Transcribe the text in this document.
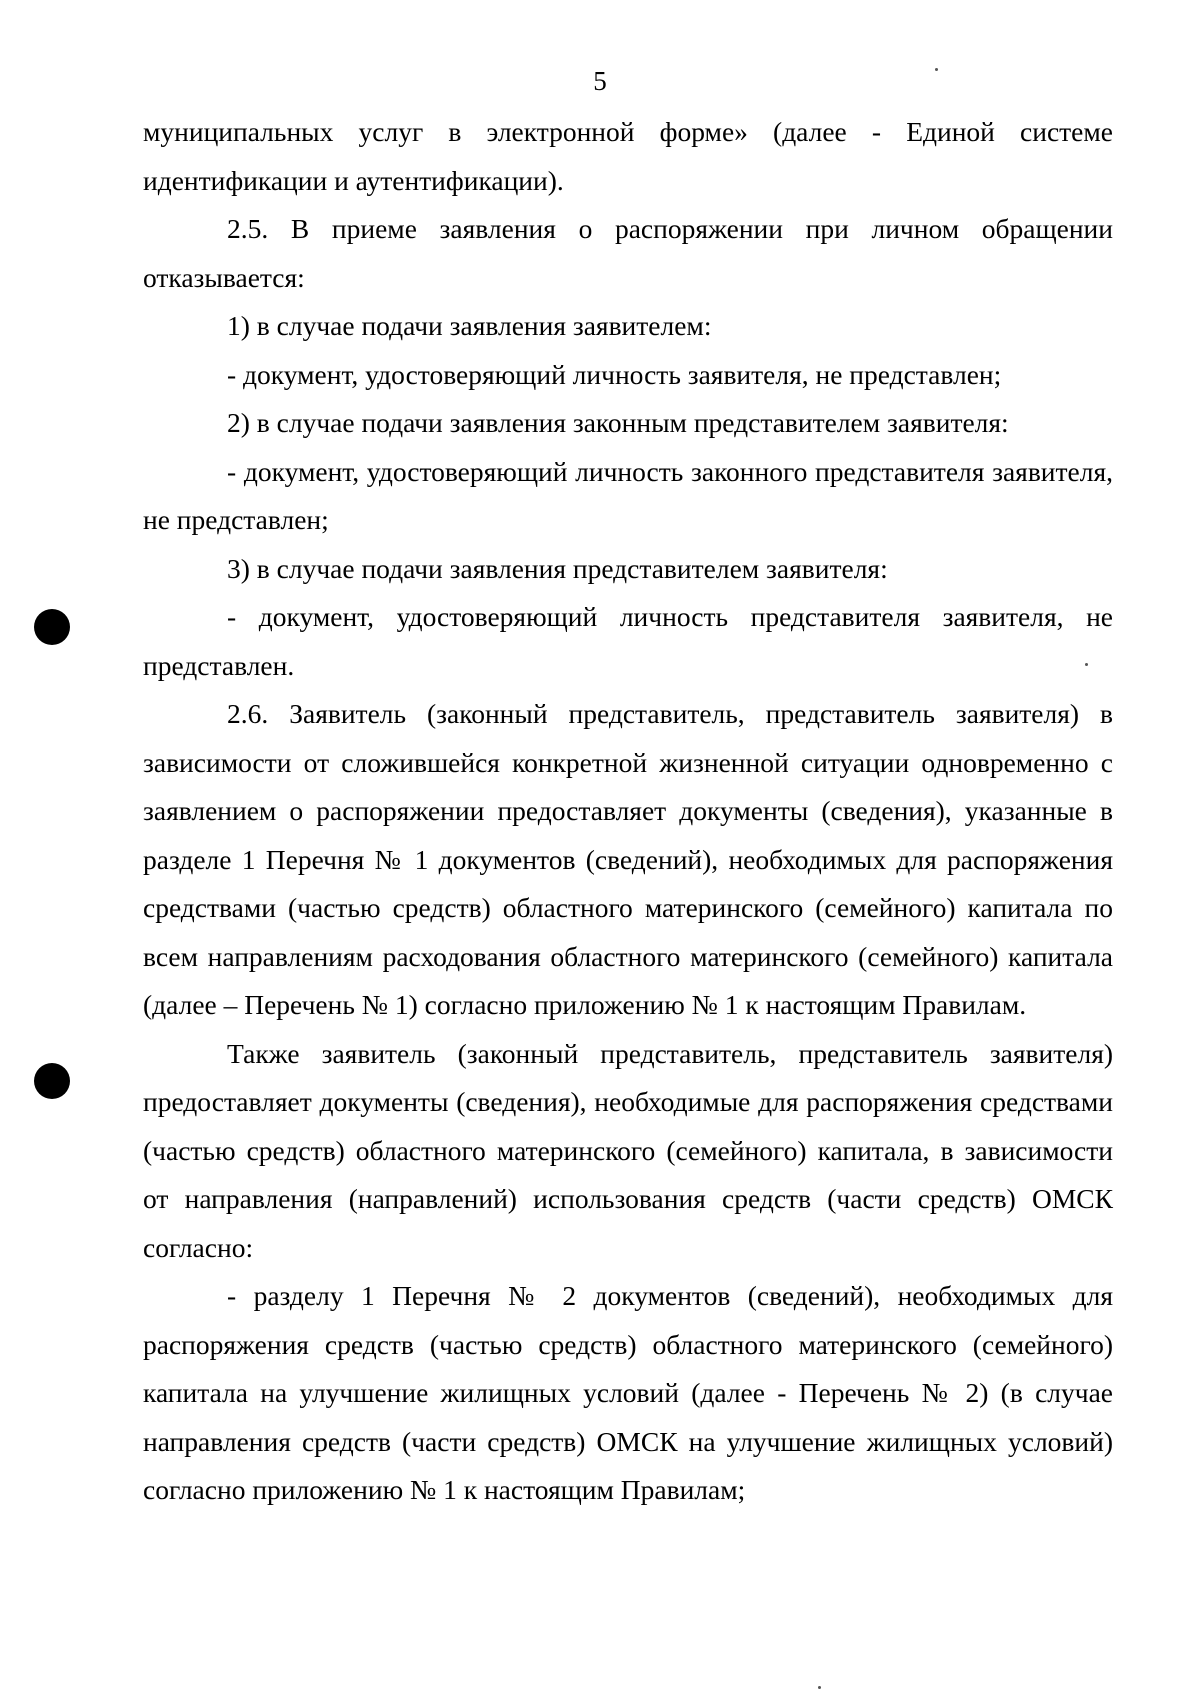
5

муниципальных услуг в электронной форме» (далее - Единой системе идентификации и аутентификации).

2.5. В приеме заявления о распоряжении при личном обращении отказывается:

1) в случае подачи заявления заявителем:

- документ, удостоверяющий личность заявителя, не представлен;

2) в случае подачи заявления законным представителем заявителя:

- документ, удостоверяющий личность законного представителя заявителя, не представлен;

3) в случае подачи заявления представителем заявителя:

- документ, удостоверяющий личность представителя заявителя, не представлен.

2.6. Заявитель (законный представитель, представитель заявителя) в зависимости от сложившейся конкретной жизненной ситуации одновременно с заявлением о распоряжении предоставляет документы (сведения), указанные в разделе 1 Перечня № 1 документов (сведений), необходимых для распоряжения средствами (частью средств) областного материнского (семейного) капитала по всем направлениям расходования областного материнского (семейного) капитала (далее – Перечень № 1) согласно приложению № 1 к настоящим Правилам.

Также заявитель (законный представитель, представитель заявителя) предоставляет документы (сведения), необходимые для распоряжения средствами (частью средств) областного материнского (семейного) капитала, в зависимости от направления (направлений) использования средств (части средств) ОМСК согласно:

- разделу 1 Перечня № 2 документов (сведений), необходимых для распоряжения средств (частью средств) областного материнского (семейного) капитала на улучшение жилищных условий (далее - Перечень № 2) (в случае направления средств (части средств) ОМСК на улучшение жилищных условий) согласно приложению № 1 к настоящим Правилам;
